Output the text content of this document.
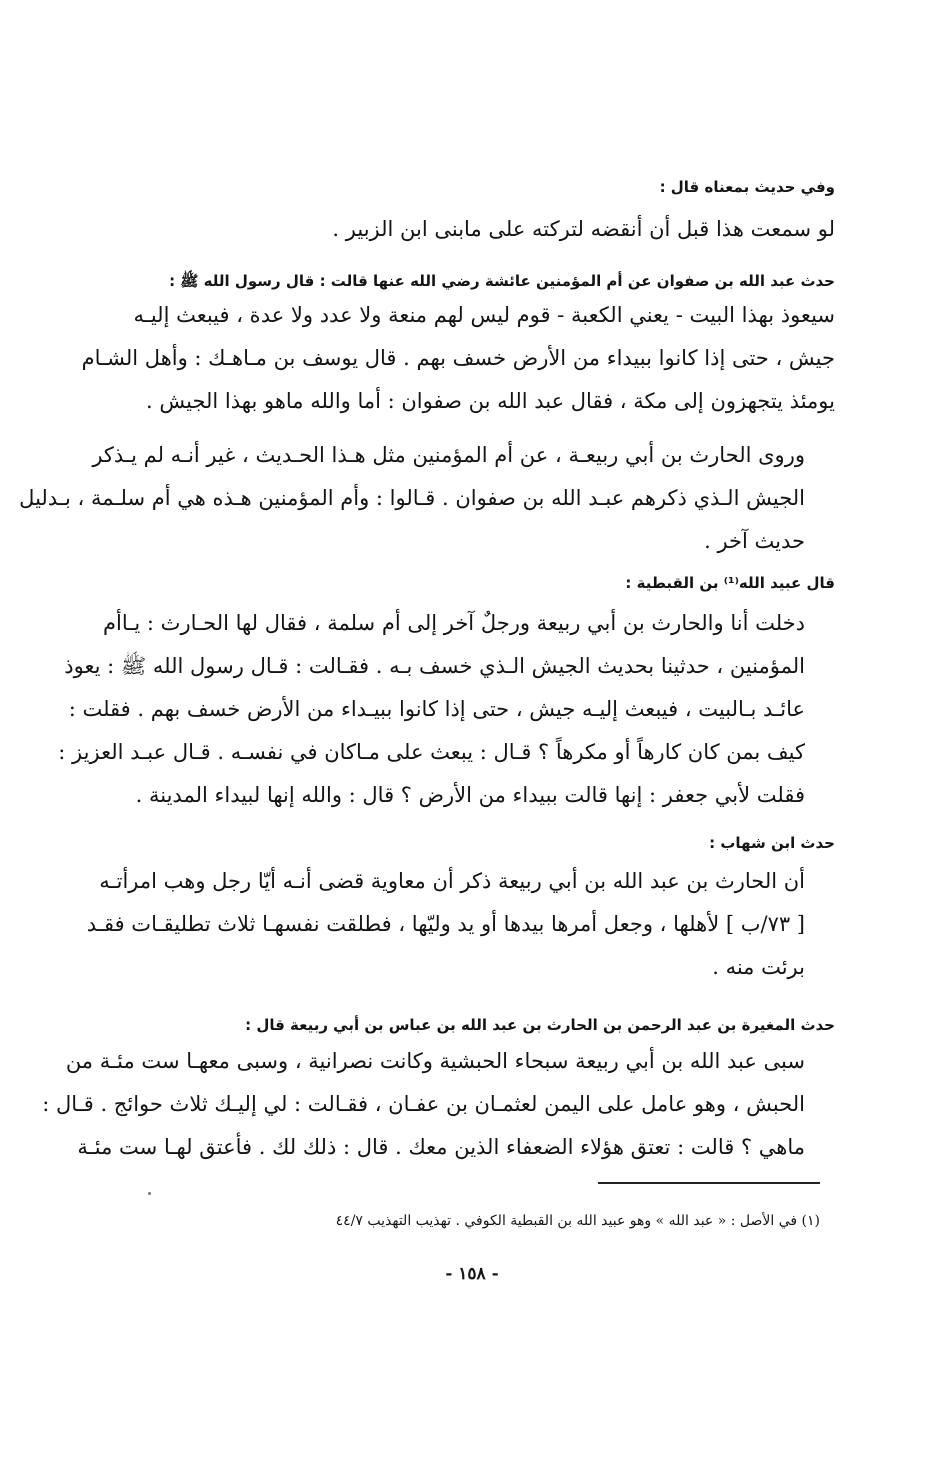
وفي حديث بمعناه قال :
لو سمعت هذا قبل أن أنقضه لتركته على مابنى ابن الزبير .
حدث عبد الله بن صفوان عن أم المؤمنين عائشة رضي الله عنها قالت : قال رسول الله ﷺ :
سيعوذ بهذا البيت - يعني الكعبة - قوم ليس لهم منعة ولا عدد ولا عدة ، فيبعث إليـه
جيش ، حتى إذا كانوا ببيداء من الأرض خسف بهم . قال يوسف بن مـاهـك : وأهل الشـام
يومئذ يتجهزون إلى مكة ، فقال عبد الله بن صفوان : أما والله ماهو بهذا الجيش .
وروى الحارث بن أبي ربيعـة ، عن أم المؤمنين مثل هـذا الحـديث ، غير أنـه لم يـذكر
الجيش الـذي ذكرهم عبـد الله بن صفوان . قـالوا : وأم المؤمنين هـذه هي أم سلـمة ، بـدليل
حديث آخر .
قال عبيد الله⁽¹⁾ بن القبطية :
دخلت أنا والحارث بن أبي ربيعة ورجلٌ آخر إلى أم سلمة ، فقال لها الحـارث : يـاأم
المؤمنين ، حدثينا بحديث الجيش الـذي خسف بـه . فقـالت : قـال رسول الله ﷺ : يعوذ
عائـد بـالبيت ، فيبعث إليـه جيش ، حتى إذا كانوا ببيـداء من الأرض خسف بهم . فقلت :
كيف بمن كان كارهاً أو مكرهاً ؟ قـال : يبعث على مـاكان في نفسـه . قـال عبـد العزيز :
فقلت لأبي جعفر : إنها قالت ببيداء من الأرض ؟ قال : والله إنها لبيداء المدينة .
حدث ابن شهاب :
أن الحارث بن عبد الله بن أبي ربيعة ذكر أن معاوية قضى أنـه أيّا رجل وهب امرأتـه
[ ٧٣/ب ] لأهلها ، وجعل أمرها بيدها أو يد وليّها ، فطلقت نفسهـا ثلاث تطليقـات فقـد
برئت منه .
حدث المغيرة بن عبد الرحمن بن الحارث بن عبد الله بن عباس بن أبي ربيعة قال :
سبى عبد الله بن أبي ربيعة سبحاء الحبشية وكانت نصرانية ، وسبى معهـا ست مئـة من
الحبش ، وهو عامل على اليمن لعثمـان بن عفـان ، فقـالت : لي إليـك ثلاث حوائج . قـال :
ماهي ؟ قالت : تعتق هؤلاء الضعفاء الذين معك . قال : ذلك لك . فأعتق لهـا ست مئـة
(١) في الأصل : « عبد الله » وهو عبيد الله بن القبطية الكوفي . تهذيب التهذيب ٤٤/٧
- ١٥٨ -
